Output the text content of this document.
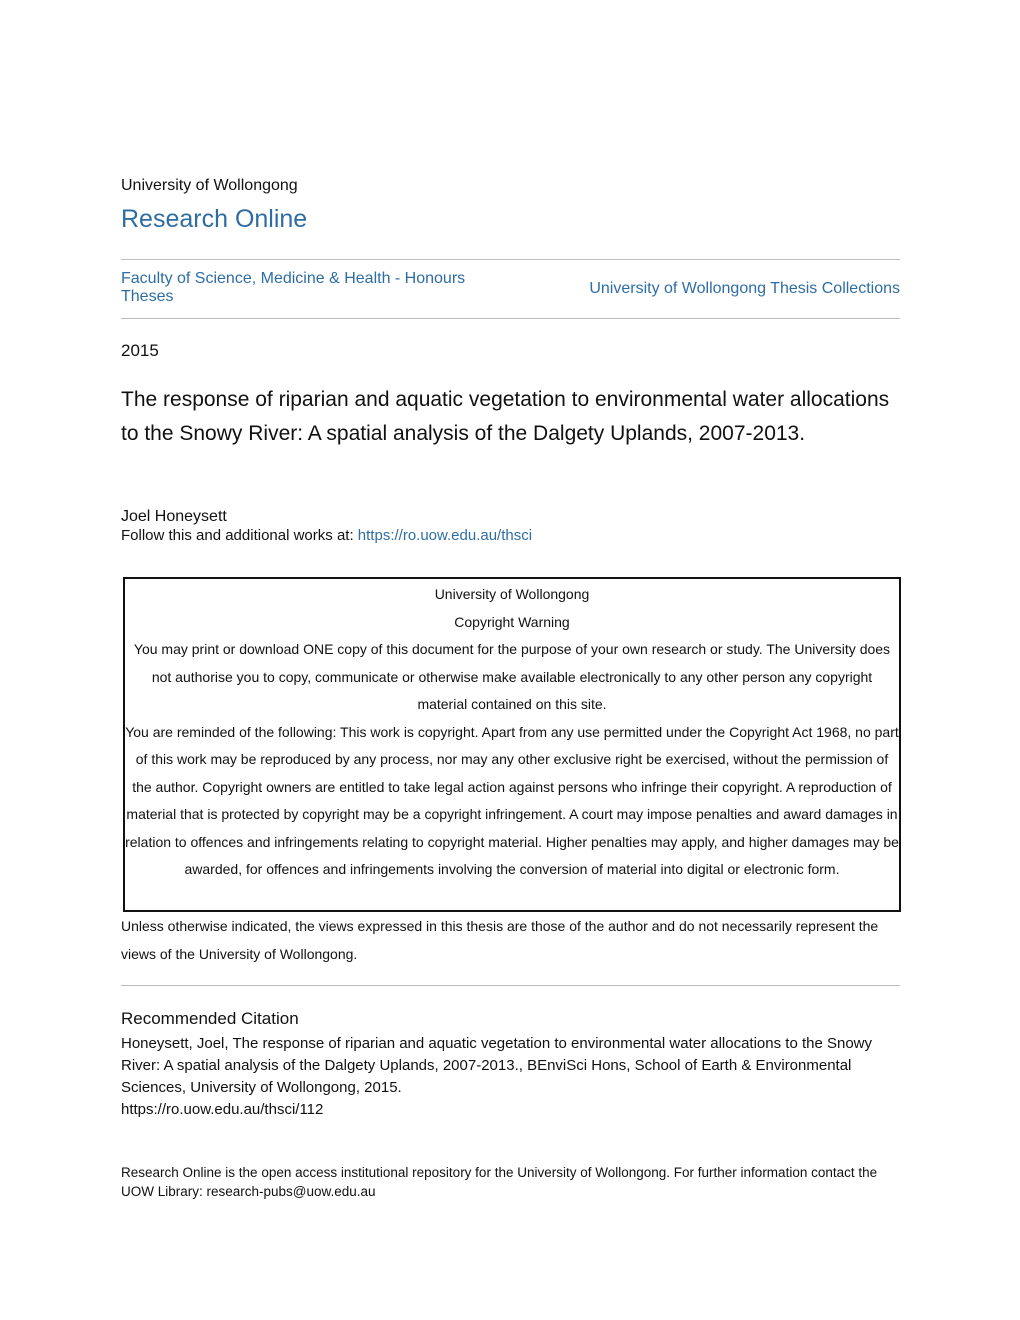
University of Wollongong
Research Online
Faculty of Science, Medicine & Health - Honours Theses	University of Wollongong Thesis Collections
2015
The response of riparian and aquatic vegetation to environmental water allocations to the Snowy River: A spatial analysis of the Dalgety Uplands, 2007-2013.
Joel Honeysett
Follow this and additional works at: https://ro.uow.edu.au/thsci
University of Wollongong
Copyright Warning
You may print or download ONE copy of this document for the purpose of your own research or study. The University does not authorise you to copy, communicate or otherwise make available electronically to any other person any copyright material contained on this site.
You are reminded of the following: This work is copyright. Apart from any use permitted under the Copyright Act 1968, no part of this work may be reproduced by any process, nor may any other exclusive right be exercised, without the permission of the author. Copyright owners are entitled to take legal action against persons who infringe their copyright. A reproduction of material that is protected by copyright may be a copyright infringement. A court may impose penalties and award damages in relation to offences and infringements relating to copyright material. Higher penalties may apply, and higher damages may be awarded, for offences and infringements involving the conversion of material into digital or electronic form.
Unless otherwise indicated, the views expressed in this thesis are those of the author and do not necessarily represent the views of the University of Wollongong.
Recommended Citation
Honeysett, Joel, The response of riparian and aquatic vegetation to environmental water allocations to the Snowy River: A spatial analysis of the Dalgety Uplands, 2007-2013., BEnviSci Hons, School of Earth & Environmental Sciences, University of Wollongong, 2015.
https://ro.uow.edu.au/thsci/112
Research Online is the open access institutional repository for the University of Wollongong. For further information contact the UOW Library: research-pubs@uow.edu.au
